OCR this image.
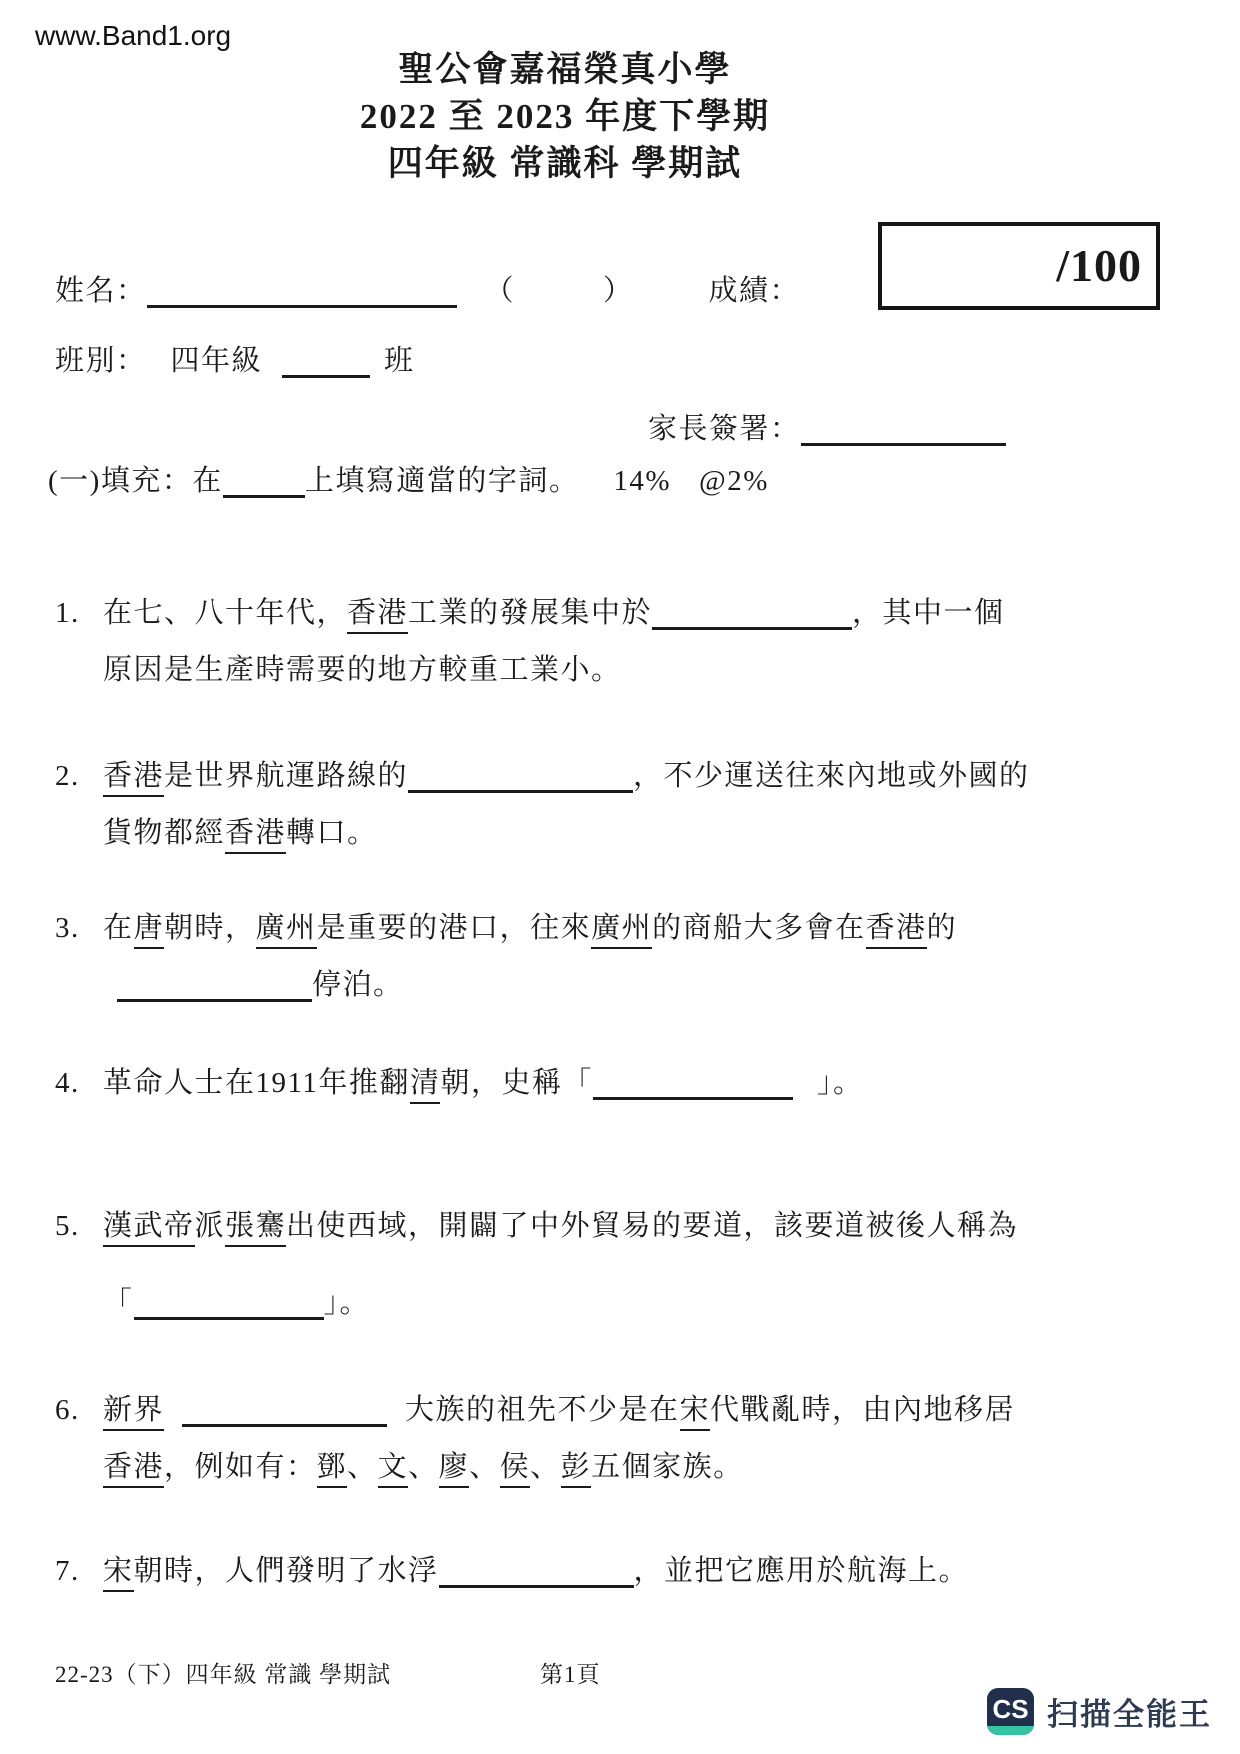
www.Band1.org
聖公會嘉福榮真小學
2022 至 2023 年度下學期
四年級 常識科 學期試
/100
姓名：	（	）	成績：
班別： 四年級	班
家長簽署：
(一)填充：在	上填寫適當的字詞。 14% @2%
1. 在七、八十年代，香港工業的發展集中於	，其中一個
原因是生產時需要的地方較重工業小。
2. 香港是世界航運路線的	，不少運送往來內地或外國的
貨物都經香港轉口。
3. 在唐朝時，廣州是重要的港口，往來廣州的商船大多會在香港的
停泊。
4. 革命人士在1911年推翻清朝，史稱「	」。
5. 漢武帝派張騫出使西域，開闢了中外貿易的要道，該要道被後人稱為
「	」。
6. 新界	大族的祖先不少是在宋代戰亂時，由內地移居
香港，例如有：鄧、文、廖、侯、彭五個家族。
7. 宋朝時，人們發明了水浮	，並把它應用於航海上。
22-23（下）四年級 常識 學期試	第1頁
CS 扫描全能王
